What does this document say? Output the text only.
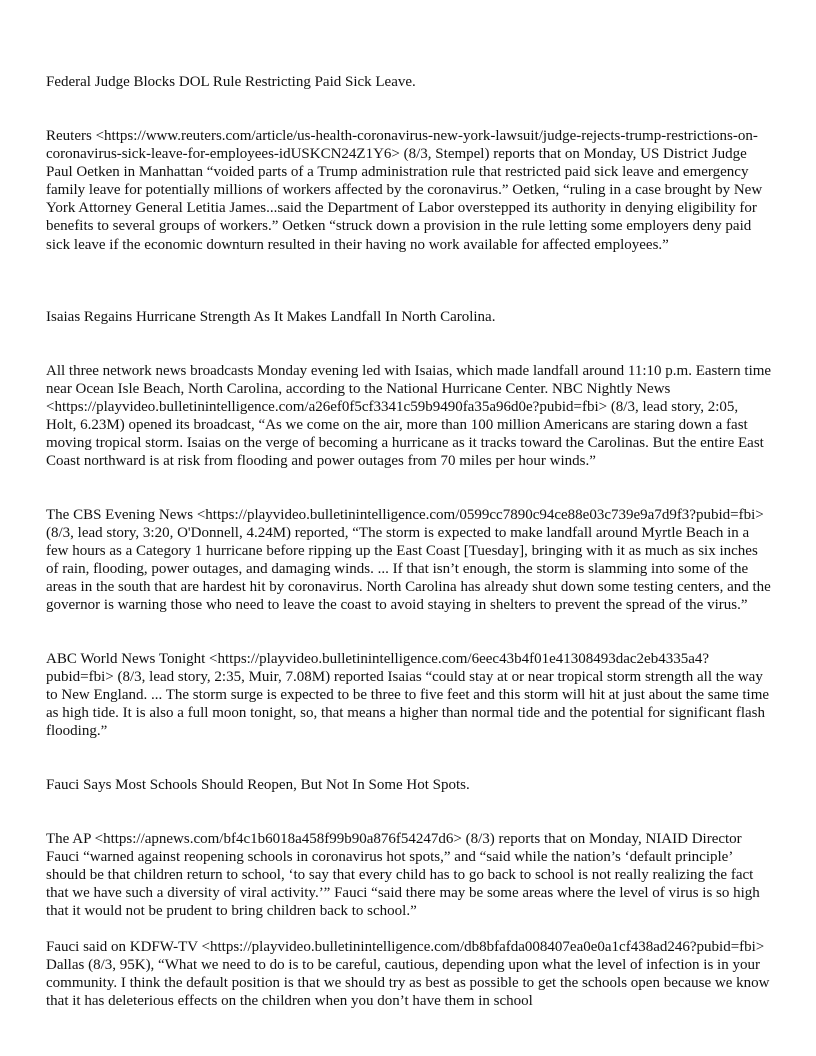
Federal Judge Blocks DOL Rule Restricting Paid Sick Leave.

Reuters <https://www.reuters.com/article/us-health-coronavirus-new-york-lawsuit/judge-rejects-trump-restrictions-on-coronavirus-sick-leave-for-employees-idUSKCN24Z1Y6> (8/3, Stempel) reports that on Monday, US District Judge Paul Oetken in Manhattan “voided parts of a Trump administration rule that restricted paid sick leave and emergency family leave for potentially millions of workers affected by the coronavirus.” Oetken, “ruling in a case brought by New York Attorney General Letitia James...said the Department of Labor overstepped its authority in denying eligibility for benefits to several groups of workers.” Oetken “struck down a provision in the rule letting some employers deny paid sick leave if the economic downturn resulted in their having no work available for affected employees.”

Isaias Regains Hurricane Strength As It Makes Landfall In North Carolina.

All three network news broadcasts Monday evening led with Isaias, which made landfall around 11:10 p.m. Eastern time near Ocean Isle Beach, North Carolina, according to the National Hurricane Center. NBC Nightly News <https://playvideo.bulletinintelligence.com/a26ef0f5cf3341c59b9490fa35a96d0e?pubid=fbi> (8/3, lead story, 2:05, Holt, 6.23M) opened its broadcast, “As we come on the air, more than 100 million Americans are staring down a fast moving tropical storm. Isaias on the verge of becoming a hurricane as it tracks toward the Carolinas. But the entire East Coast northward is at risk from flooding and power outages from 70 miles per hour winds.”

The CBS Evening News <https://playvideo.bulletinintelligence.com/0599cc7890c94ce88e03c739e9a7d9f3?pubid=fbi> (8/3, lead story, 3:20, O'Donnell, 4.24M) reported, “The storm is expected to make landfall around Myrtle Beach in a few hours as a Category 1 hurricane before ripping up the East Coast [Tuesday], bringing with it as much as six inches of rain, flooding, power outages, and damaging winds. ... If that isn’t enough, the storm is slamming into some of the areas in the south that are hardest hit by coronavirus. North Carolina has already shut down some testing centers, and the governor is warning those who need to leave the coast to avoid staying in shelters to prevent the spread of the virus.”

ABC World News Tonight <https://playvideo.bulletinintelligence.com/6eec43b4f01e41308493dac2eb4335a4?pubid=fbi> (8/3, lead story, 2:35, Muir, 7.08M) reported Isaias “could stay at or near tropical storm strength all the way to New England. ... The storm surge is expected to be three to five feet and this storm will hit at just about the same time as high tide. It is also a full moon tonight, so, that means a higher than normal tide and the potential for significant flash flooding.”

Fauci Says Most Schools Should Reopen, But Not In Some Hot Spots.

The AP <https://apnews.com/bf4c1b6018a458f99b90a876f54247d6> (8/3) reports that on Monday, NIAID Director Fauci “warned against reopening schools in coronavirus hot spots,” and “said while the nation’s ‘default principle’ should be that children return to school, ‘to say that every child has to go back to school is not really realizing the fact that we have such a diversity of viral activity.’” Fauci “said there may be some areas where the level of virus is so high that it would not be prudent to bring children back to school.”

Fauci said on KDFW-TV <https://playvideo.bulletinintelligence.com/db8bfafda008407ea0e0a1cf438ad246?pubid=fbi> Dallas (8/3, 95K), “What we need to do is to be careful, cautious, depending upon what the level of infection is in your community. I think the default position is that we should try as best as possible to get the schools open because we know that it has deleterious effects on the children when you don’t have them in school
